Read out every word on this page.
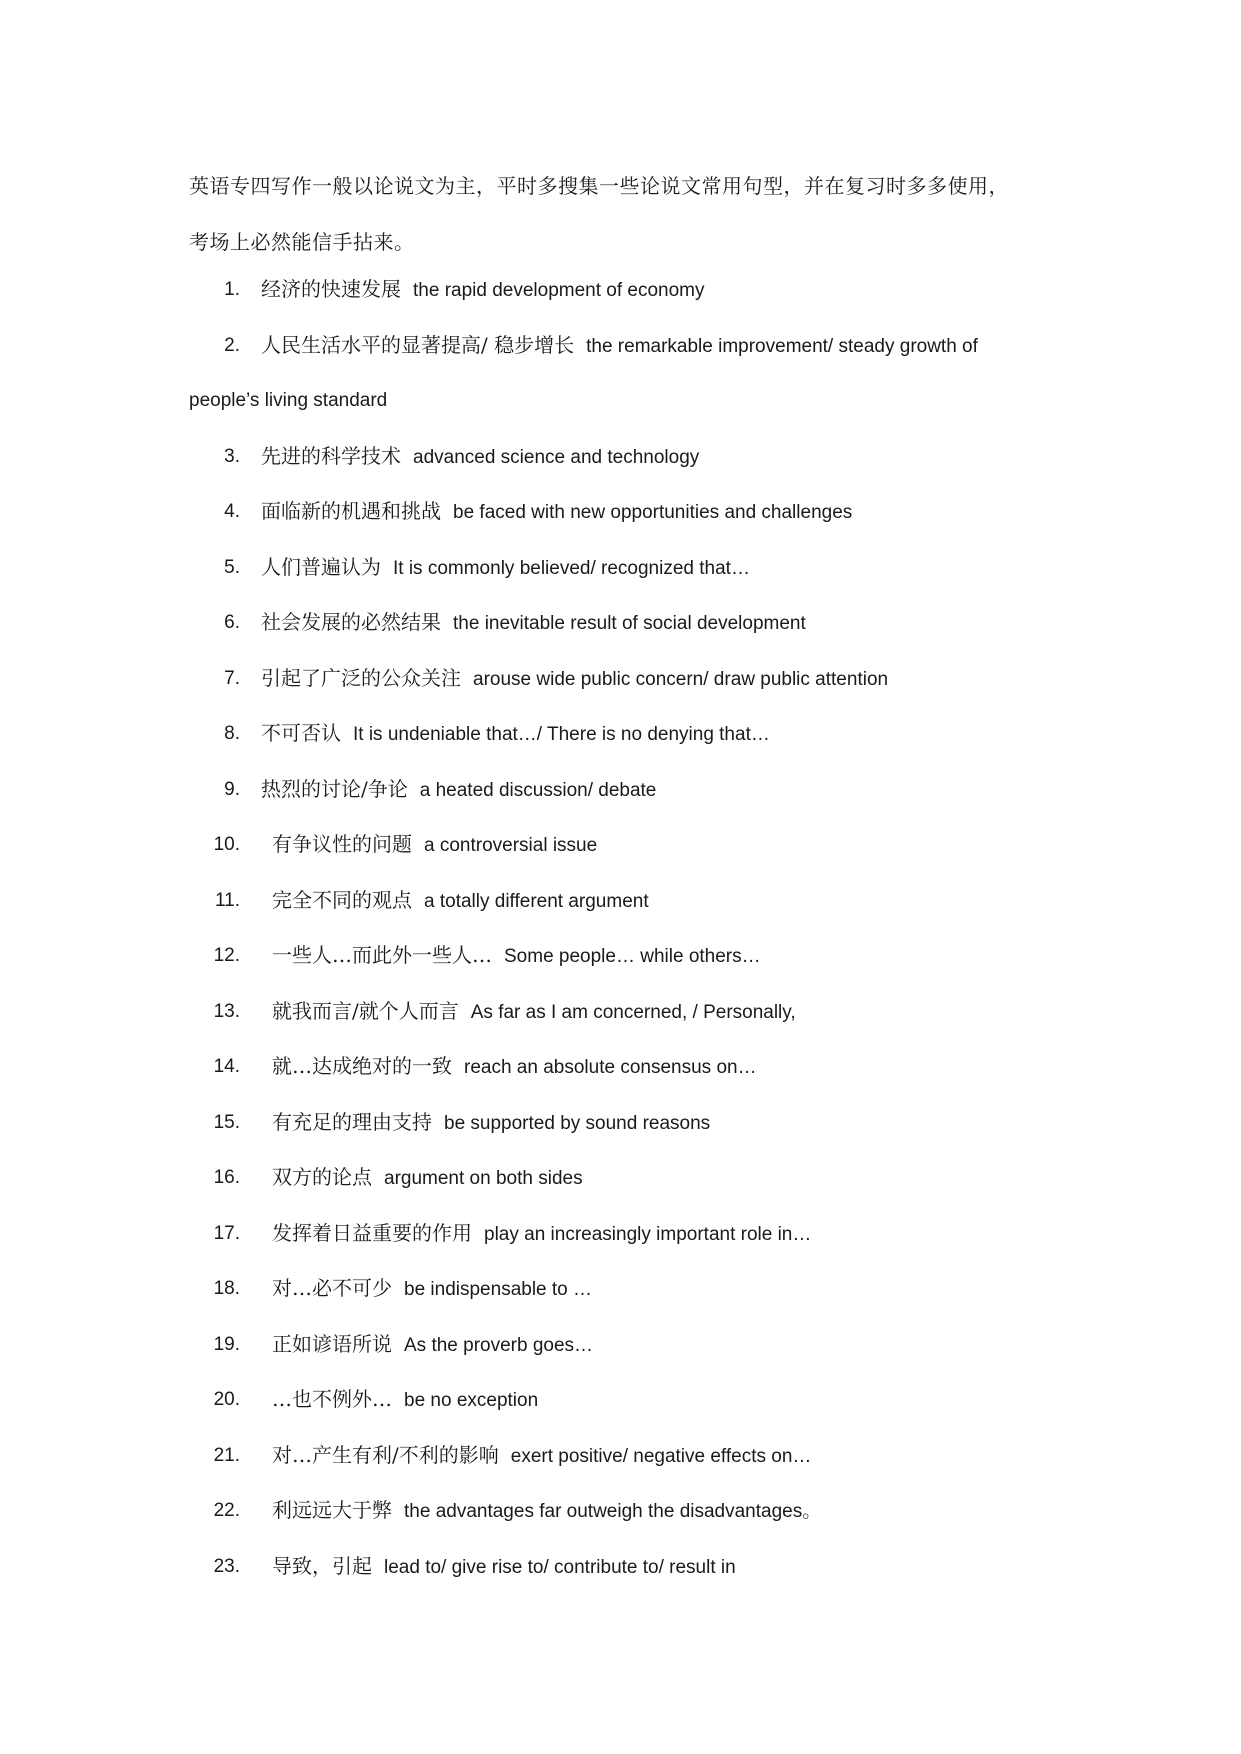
英语专四写作一般以论说文为主，平时多搜集一些论说文常用句型，并在复习时多多使用，
考场上必然能信手拈来。

1. 经济的快速发展 the rapid development of economy
2. 人民生活水平的显著提高/ 稳步增长 the remarkable improvement/ steady growth of
people’s living standard
3. 先进的科学技术 advanced science and technology
4. 面临新的机遇和挑战 be faced with new opportunities and challenges
5. 人们普遍认为 It is commonly believed/ recognized that…
6. 社会发展的必然结果 the inevitable result of social development
7. 引起了广泛的公众关注 arouse wide public concern/ draw public attention
8. 不可否认 It is undeniable that…/ There is no denying that…
9. 热烈的讨论/争论 a heated discussion/ debate
10. 有争议性的问题 a controversial issue
11. 完全不同的观点 a totally different argument
12. 一些人…而此外一些人… Some people… while others…
13. 就我而言/就个人而言 As far as I am concerned, / Personally,
14. 就…达成绝对的一致 reach an absolute consensus on…
15. 有充足的理由支持 be supported by sound reasons
16. 双方的论点 argument on both sides
17. 发挥着日益重要的作用 play an increasingly important role in…
18. 对…必不可少 be indispensable to …
19. 正如谚语所说 As the proverb goes…
20. …也不例外… be no exception
21. 对…产生有利/不利的影响 exert positive/ negative effects on…
22. 利远远大于弊 the advantages far outweigh the disadvantages。
23. 导致，引起 lead to/ give rise to/ contribute to/ result in
